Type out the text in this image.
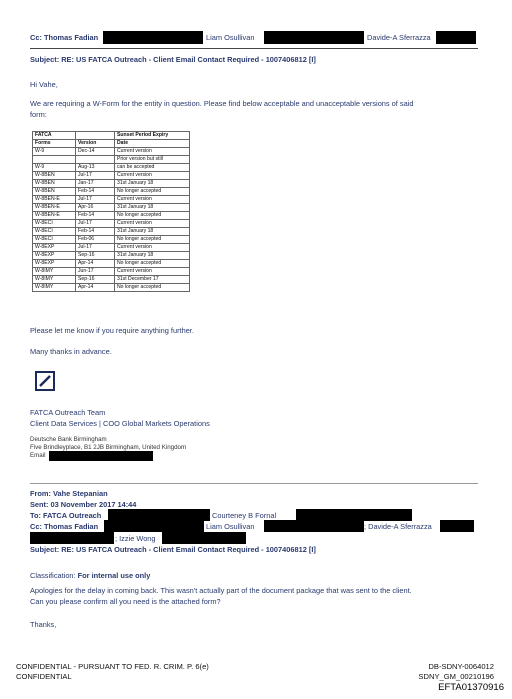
Cc: Thomas Fadian	Liam Osullivan	Davide-A Sferrazza
Subject: RE: US FATCA Outreach - Client Email Contact Required - 1007406812 [I]
Hi Vahe,
We are requiring a W-Form for the entity in question. Please find below acceptable and unacceptable versions of said
form:
FATCA		Sunset Period Expiry
Forms	Version	Date
W-9	Dec-14	Current version
		Prior version but still
W-9	Aug-13	can be accepted
W-8BEN	Jul-17	Current version
W-8BEN	Jan-17	31st January 18
W-8BEN	Feb-14	No longer accepted
W-8BEN-E	Jul-17	Current version
W-8BEN-E	Apr-16	31st January 18
W-8BEN-E	Feb-14	No longer accepted
W-8ECI	Jul-17	Current version
W-8ECI	Feb-14	31st January 18
W-8ECI	Feb-06	No longer accepted
W-8EXP	Jul-17	Current version
W-8EXP	Sep-16	31st January 18
W-8EXP	Apr-14	No longer accepted
W-8IMY	Jun-17	Current version
W-8IMY	Sep-16	31st December 17
W-8IMY	Apr-14	No longer accepted
Please let me know if you require anything further.
Many thanks in advance.
FATCA Outreach Team
Client Data Services | COO Global Markets Operations
Deutsche Bank Birmingham
Five Brindleyplace, B1 2JB Birmingham, United Kingdom
Email
From: Vahe Stepanian
Sent: 03 November 2017 14:44
To: FATCA Outreach	Courteney B Fornal
Cc: Thomas Fadian	Liam Osullivan	; Davide-A Sferrazza
; Izzie Wong
Subject: RE: US FATCA Outreach - Client Email Contact Required - 1007406812 [I]
Classification: For internal use only
Apologies for the delay in coming back. This wasn't actually part of the document package that was sent to the client.
Can you please confirm all you need is the attached form?
Thanks,
CONFIDENTIAL - PURSUANT TO FED. R. CRIM. P. 6(e)
CONFIDENTIAL
DB-SDNY-0064012
SDNY_GM_00210196
EFTA01370916
